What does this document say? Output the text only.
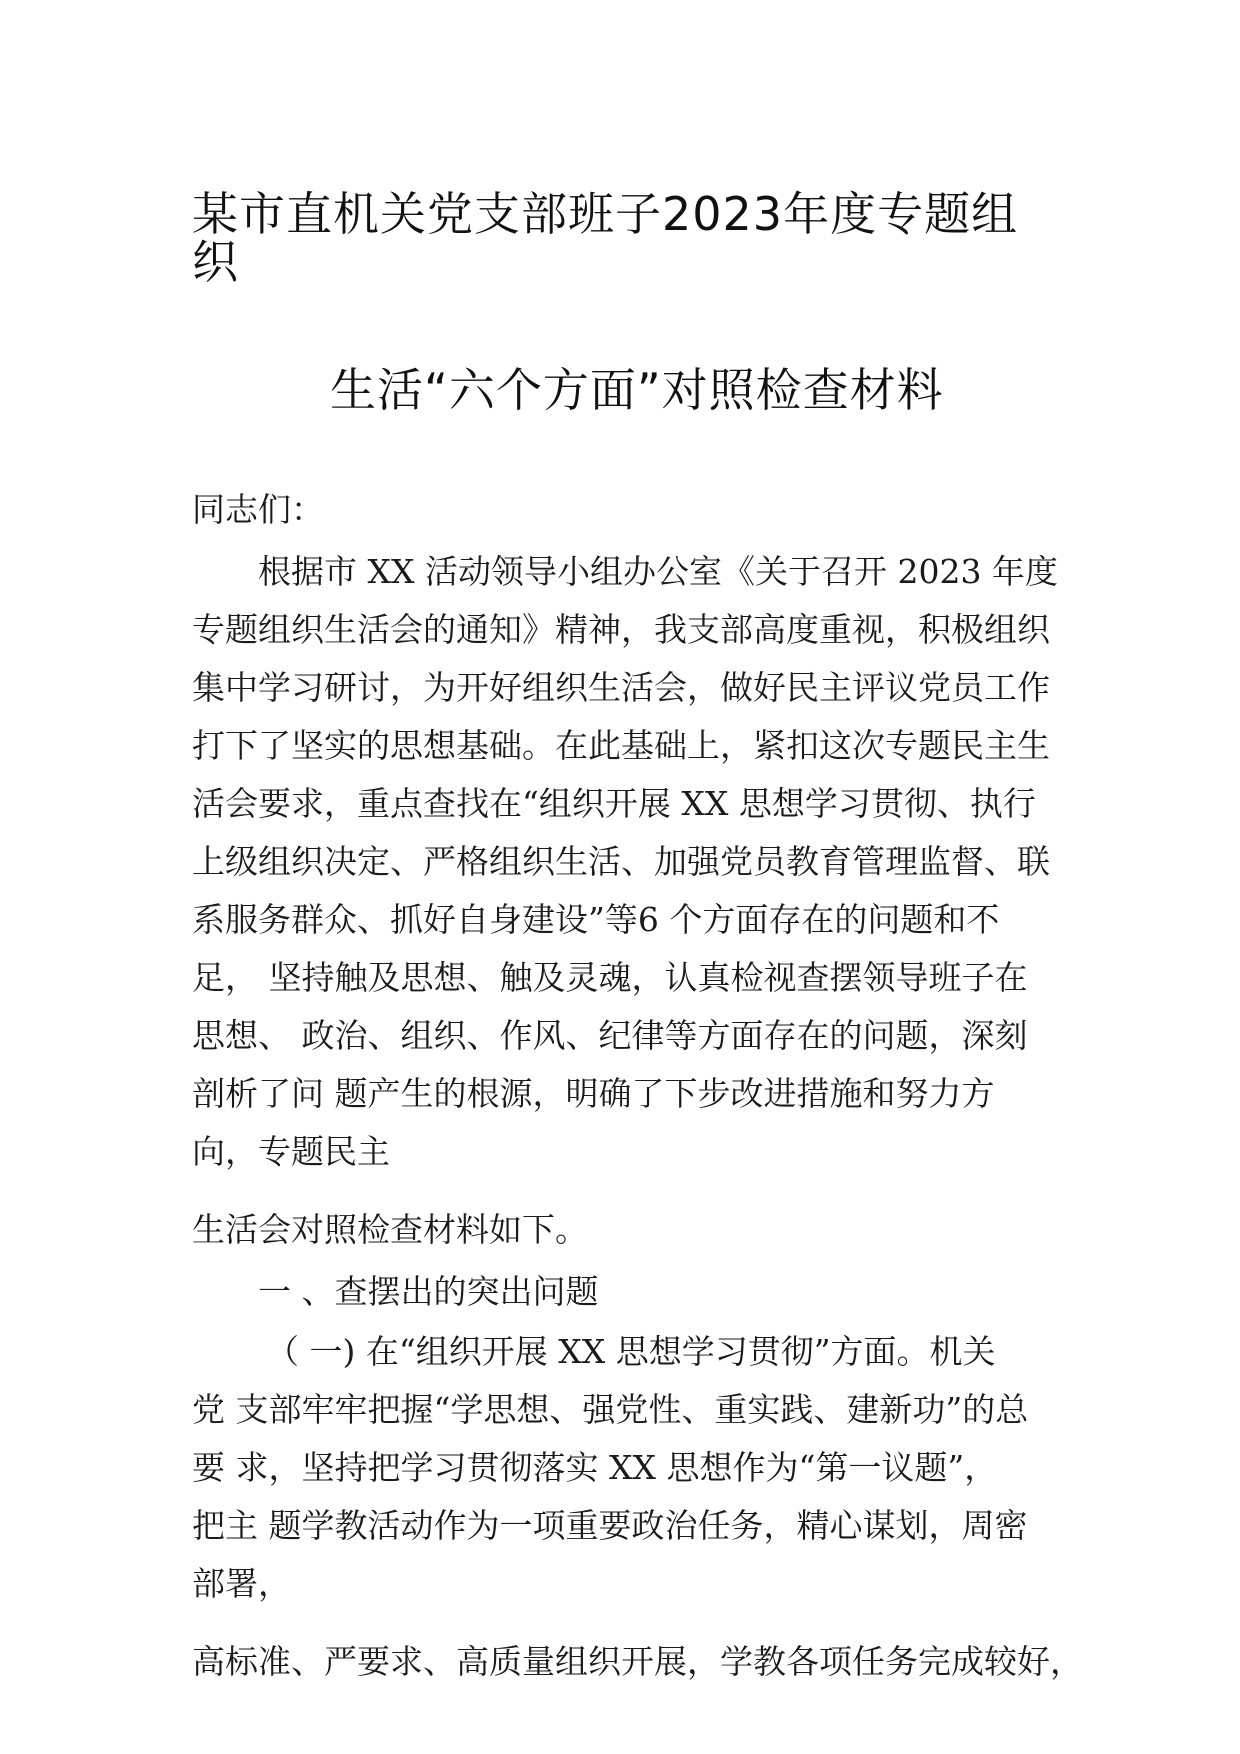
某市直机关党支部班子2023年度专题组
织
生活“六个方面”对照检查材料
同志们：
根据市 XX 活动领导小组办公室《关于召开 2023 年度
专题组织生活会的通知》精神，我支部高度重视，积极组织
集中学习研讨，为开好组织生活会，做好民主评议党员工作
打下了坚实的思想基础。在此基础上，紧扣这次专题民主生
活会要求，重点查找在“组织开展 XX 思想学习贯彻、执行
上级组织决定、严格组织生活、加强党员教育管理监督、联
系服务群众、抓好自身建设”等6 个方面存在的问题和不
足， 坚持触及思想、触及灵魂，认真检视查摆领导班子在
思想、 政治、组织、作风、纪律等方面存在的问题，深刻
剖析了问 题产生的根源，明确了下步改进措施和努力方
向，专题民主
生活会对照检查材料如下。
一 、查摆出的突出问题
（ 一) 在“组织开展 XX 思想学习贯彻”方面。机关
党 支部牢牢把握“学思想、强党性、重实践、建新功”的总
要 求，坚持把学习贯彻落实 XX 思想作为“第一议题”，
把主 题学教活动作为一项重要政治任务，精心谋划，周密
部署，
高标准、严要求、高质量组织开展，学教各项任务完成较好，
